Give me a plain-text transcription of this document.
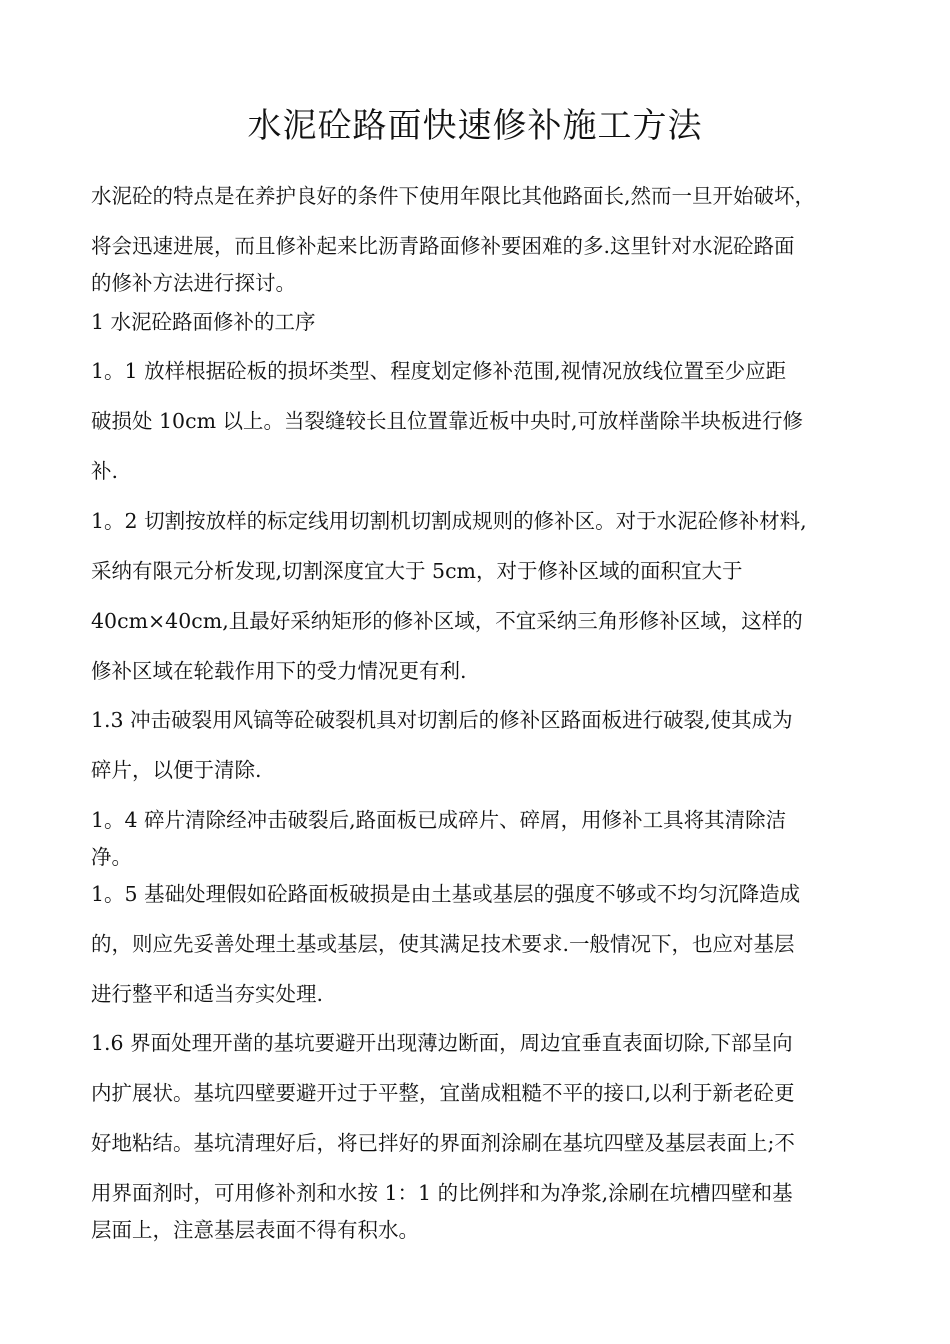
水泥砼路面快速修补施工方法

水泥砼的特点是在养护良好的条件下使用年限比其他路面长,然而一旦开始破坏，

将会迅速进展，而且修补起来比沥青路面修补要困难的多.这里针对水泥砼路面

的修补方法进行探讨。

1 水泥砼路面修补的工序

1。1 放样根据砼板的损坏类型、程度划定修补范围,视情况放线位置至少应距

破损处 10cm 以上。当裂缝较长且位置靠近板中央时,可放样凿除半块板进行修

补.

1。2 切割按放样的标定线用切割机切割成规则的修补区。对于水泥砼修补材料,

采纳有限元分析发现,切割深度宜大于 5cm，对于修补区域的面积宜大于

40cm×40cm,且最好采纳矩形的修补区域，不宜采纳三角形修补区域，这样的

修补区域在轮载作用下的受力情况更有利.

1.3 冲击破裂用风镐等砼破裂机具对切割后的修补区路面板进行破裂,使其成为

碎片，以便于清除.

1。4 碎片清除经冲击破裂后,路面板已成碎片、碎屑，用修补工具将其清除洁

净。

1。5 基础处理假如砼路面板破损是由土基或基层的强度不够或不均匀沉降造成

的，则应先妥善处理土基或基层，使其满足技术要求.一般情况下，也应对基层

进行整平和适当夯实处理.

1.6 界面处理开凿的基坑要避开出现薄边断面，周边宜垂直表面切除,下部呈向

内扩展状。基坑四壁要避开过于平整，宜凿成粗糙不平的接口,以利于新老砼更

好地粘结。基坑清理好后，将已拌好的界面剂涂刷在基坑四壁及基层表面上;不

用界面剂时，可用修补剂和水按 1：1 的比例拌和为净浆,涂刷在坑槽四壁和基

层面上，注意基层表面不得有积水。
